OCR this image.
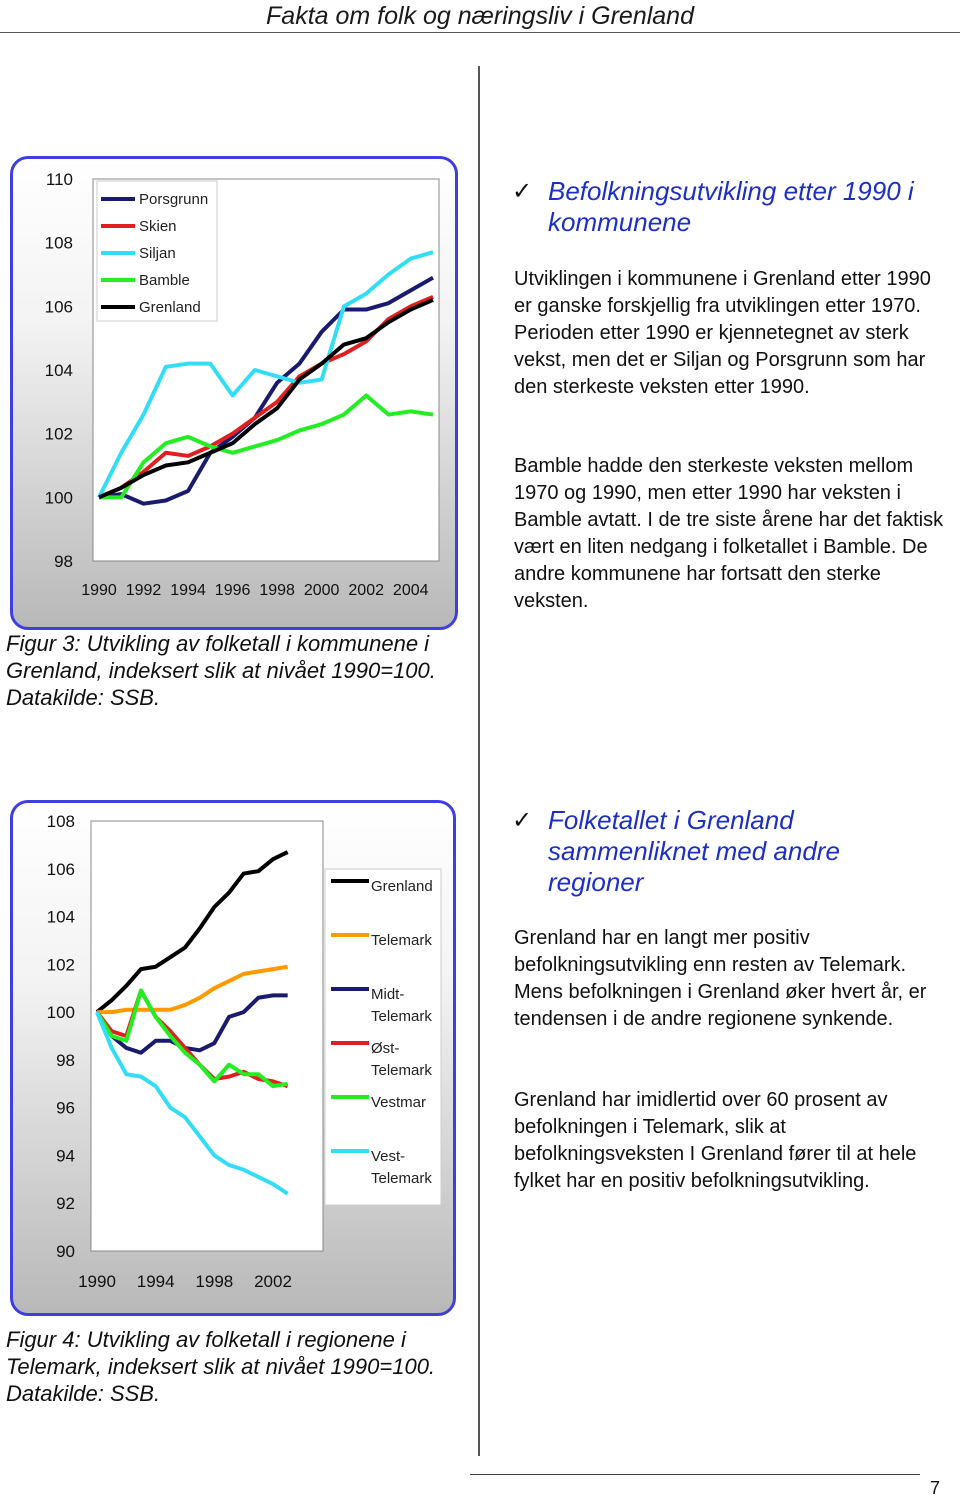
Fakta om folk og næringsliv i Grenland
110
108
106
104
102
100
98
1990 1992 1994 1996 1998 2000 2002 2004
Porsgrunn
Skien
Siljan
Bamble
Grenland
Figur 3: Utvikling av folketall i kommunene i Grenland, indeksert slik at nivået 1990=100. Datakilde: SSB.
108
106
104
102
100
98
96
94
92
90
1990 1994 1998 2002
Grenland
Telemark
Midt-
Telemark
Øst-
Telemark
Vestmar
Vest-
Telemark
Figur 4: Utvikling av folketall i regionene i Telemark, indeksert slik at nivået 1990=100. Datakilde: SSB.
✓ Befolkningsutvikling etter 1990 i kommunene
Utviklingen i kommunene i Grenland etter 1990 er ganske forskjellig fra utviklingen etter 1970. Perioden etter 1990 er kjennetegnet av sterk vekst, men det er Siljan og Porsgrunn som har den sterkeste veksten etter 1990.
Bamble hadde den sterkeste veksten mellom 1970 og 1990, men etter 1990 har veksten i Bamble avtatt. I de tre siste årene har det faktisk vært en liten nedgang i folketallet i Bamble. De andre kommunene har fortsatt den sterke veksten.
✓ Folketallet i Grenland sammenliknet med andre regioner
Grenland har en langt mer positiv befolkningsutvikling enn resten av Telemark. Mens befolkningen i Grenland øker hvert år, er tendensen i de andre regionene synkende.
Grenland har imidlertid over 60 prosent av befolkningen i Telemark, slik at befolkningsveksten I Grenland fører til at hele fylket har en positiv befolkningsutvikling.
7
